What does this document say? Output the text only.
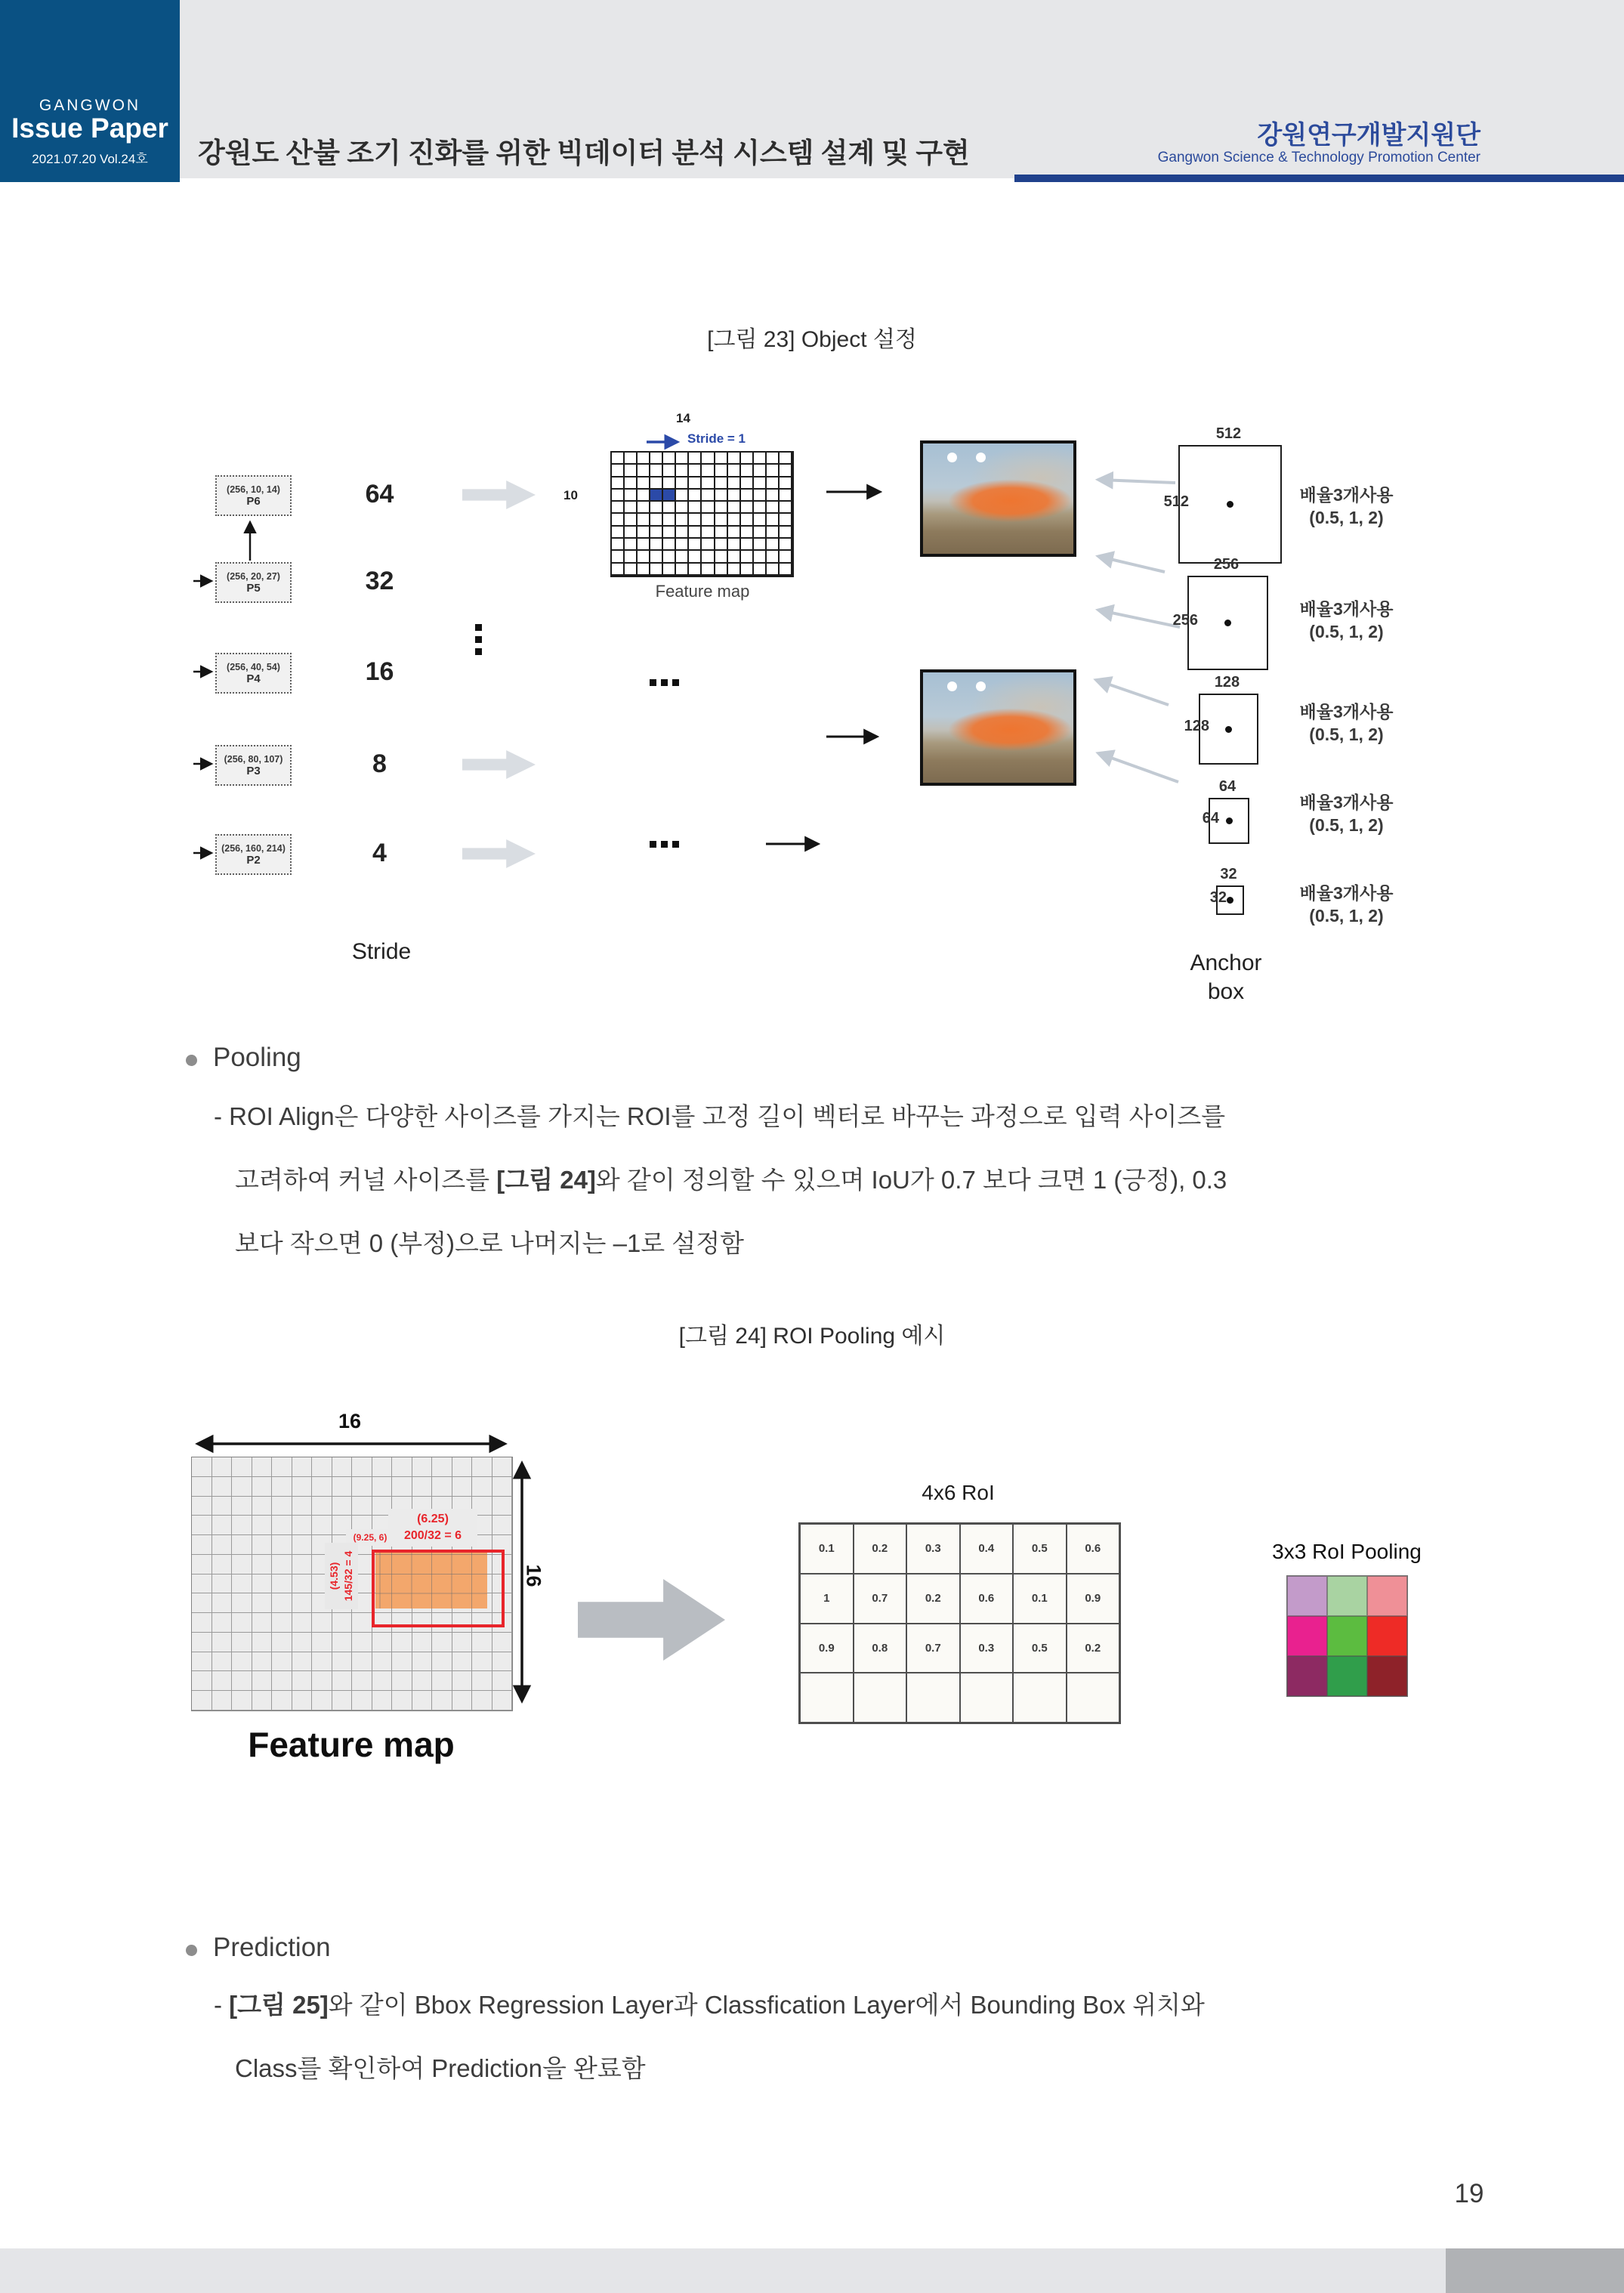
GANGWON
Issue Paper
2021.07.20 Vol.24호	강원도 산불 조기 진화를 위한 빅데이터 분석 시스템 설계 및 구현
강원연구개발지원단
Gangwon Science & Technology Promotion Center
[그림 23] Object 설정
Stride
14
Stride = 1
10
Feature map
Anchor
box
Pooling
- ROI Align은 다양한 사이즈를 가지는 ROI를 고정 길이 벡터로 바꾸는 과정으로 입력 사이즈를
고려하여 커널 사이즈를 [그림 24]와 같이 정의할 수 있으며 IoU가 0.7 보다 크면 1 (긍정), 0.3
보다 작으면 0 (부정)으로 나머지는 –1로 설정함
[그림 24] ROI Pooling 예시
16
(6.25)
200/32 = 6
(9.25, 6)
(4.53) 145/32 = 4	16
Feature map
4x6 RoI
0.1	0.2	0.3	0.4	0.5	0.6
1	0.7	0.2	0.6	0.1	0.9
0.9	0.8	0.7	0.3	0.5	0.2
3x3 RoI Pooling
Prediction
- [그림 25]와 같이 Bbox Regression Layer과 Classfication Layer에서 Bounding Box 위치와
Class를 확인하여 Prediction을 완료함
19
(256, 10, 14)
P6	64
(256, 20, 27)
P5	32
(256, 40, 54)
P4	16
(256, 80, 107)
P3	8
(256, 160, 214)
P2	4
512
512	배율3개사용
(0.5, 1, 2)
256
256
배율3개사용
(0.5, 1, 2)
128
128
배율3개사용
(0.5, 1, 2)
64
64
배율3개사용
(0.5, 1, 2)
32
32	배율3개사용
(0.5, 1, 2)
